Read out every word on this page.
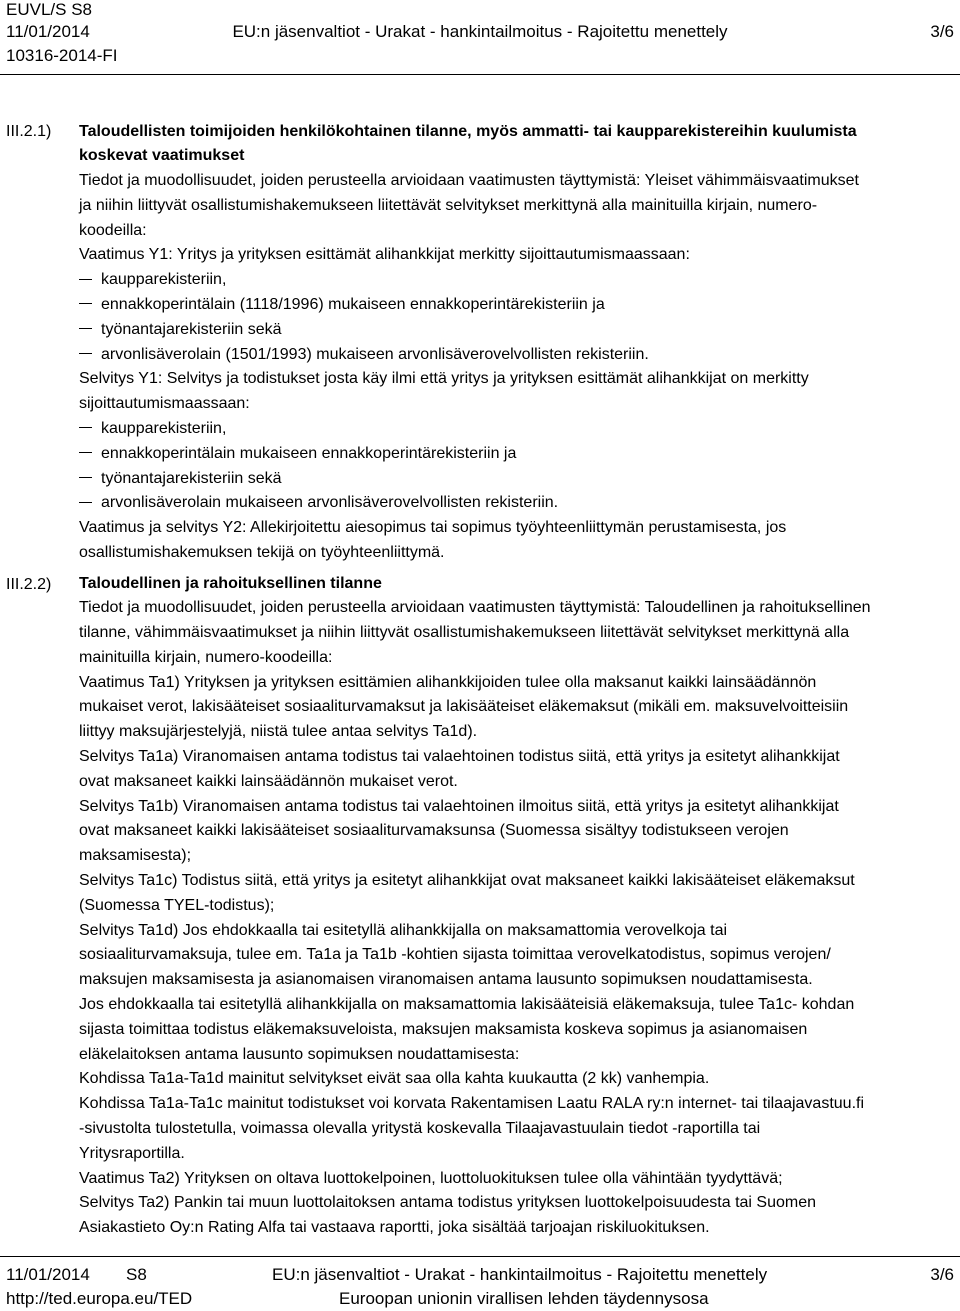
EUVL/S S8
11/01/2014	EU:n jäsenvaltiot - Urakat - hankintailmoitus - Rajoitettu menettely	3/6
10316-2014-FI
III.2.1) Taloudellisten toimijoiden henkilökohtainen tilanne, myös ammatti- tai kaupparekistereihin kuulumista
koskevat vaatimukset
Tiedot ja muodollisuudet, joiden perusteella arvioidaan vaatimusten täyttymistä: Yleiset vähimmäisvaatimukset
ja niihin liittyvät osallistumishakemukseen liitettävät selvitykset merkittynä alla mainituilla kirjain, numero-
koodeilla:
Vaatimus Y1: Yritys ja yrityksen esittämät alihankkijat merkitty sijoittautumismaassaan:
kaupparekisteriin,
ennakkoperintälain (1118/1996) mukaiseen ennakkoperintärekisteriin ja
työnantajarekisteriin sekä
arvonlisäverolain (1501/1993) mukaiseen arvonlisäverovelvollisten rekisteriin.
Selvitys Y1: Selvitys ja todistukset josta käy ilmi että yritys ja yrityksen esittämät alihankkijat on merkitty
sijoittautumismaassaan:
kaupparekisteriin,
ennakkoperintälain mukaiseen ennakkoperintärekisteriin ja
työnantajarekisteriin sekä
arvonlisäverolain mukaiseen arvonlisäverovelvollisten rekisteriin.
Vaatimus ja selvitys Y2: Allekirjoitettu aiesopimus tai sopimus työyhteenliittymän perustamisesta, jos
osallistumishakemuksen tekijä on työyhteenliittymä.
III.2.2) Taloudellinen ja rahoituksellinen tilanne
Tiedot ja muodollisuudet, joiden perusteella arvioidaan vaatimusten täyttymistä: Taloudellinen ja rahoituksellinen
tilanne, vähimmäisvaatimukset ja niihin liittyvät osallistumishakemukseen liitettävät selvitykset merkittynä alla
mainituilla kirjain, numero-koodeilla:
Vaatimus Ta1) Yrityksen ja yrityksen esittämien alihankkijoiden tulee olla maksanut kaikki lainsäädännön
mukaiset verot, lakisääteiset sosiaaliturvamaksut ja lakisääteiset eläkemaksut (mikäli em. maksuvelvoitteisiin
liittyy maksujärjestelyjä, niistä tulee antaa selvitys Ta1d).
Selvitys Ta1a) Viranomaisen antama todistus tai valaehtoinen todistus siitä, että yritys ja esitetyt alihankkijat
ovat maksaneet kaikki lainsäädännön mukaiset verot.
Selvitys Ta1b) Viranomaisen antama todistus tai valaehtoinen ilmoitus siitä, että yritys ja esitetyt alihankkijat
ovat maksaneet kaikki lakisääteiset sosiaaliturvamaksunsa (Suomessa sisältyy todistukseen verojen
maksamisesta);
Selvitys Ta1c) Todistus siitä, että yritys ja esitetyt alihankkijat ovat maksaneet kaikki lakisääteiset eläkemaksut
(Suomessa TYEL-todistus);
Selvitys Ta1d) Jos ehdokkaalla tai esitetyllä alihankkijalla on maksamattomia verovelkoja tai
sosiaaliturvamaksuja, tulee em. Ta1a ja Ta1b -kohtien sijasta toimittaa verovelkatodistus, sopimus verojen/
maksujen maksamisesta ja asianomaisen viranomaisen antama lausunto sopimuksen noudattamisesta.
Jos ehdokkaalla tai esitetyllä alihankkijalla on maksamattomia lakisääteisiä eläkemaksuja, tulee Ta1c- kohdan
sijasta toimittaa todistus eläkemaksuveloista, maksujen maksamista koskeva sopimus ja asianomaisen
eläkelaitoksen antama lausunto sopimuksen noudattamisesta:
Kohdissa Ta1a-Ta1d mainitut selvitykset eivät saa olla kahta kuukautta (2 kk) vanhempia.
Kohdissa Ta1a-Ta1c mainitut todistukset voi korvata Rakentamisen Laatu RALA ry:n internet- tai tilaajavastuu.fi
-sivustolta tulostetulla, voimassa olevalla yritystä koskevalla Tilaajavastuulain tiedot -raportilla tai
Yritysraportilla.
Vaatimus Ta2) Yrityksen on oltava luottokelpoinen, luottoluokituksen tulee olla vähintään tyydyttävä;
Selvitys Ta2) Pankin tai muun luottolaitoksen antama todistus yrityksen luottokelpoisuudesta tai Suomen
Asiakastieto Oy:n Rating Alfa tai vastaava raportti, joka sisältää tarjoajan riskiluokituksen.
11/01/2014 S8	EU:n jäsenvaltiot - Urakat - hankintailmoitus - Rajoitettu menettely	3/6
http://ted.europa.eu/TED	Euroopan unionin virallisen lehden täydennysosa
